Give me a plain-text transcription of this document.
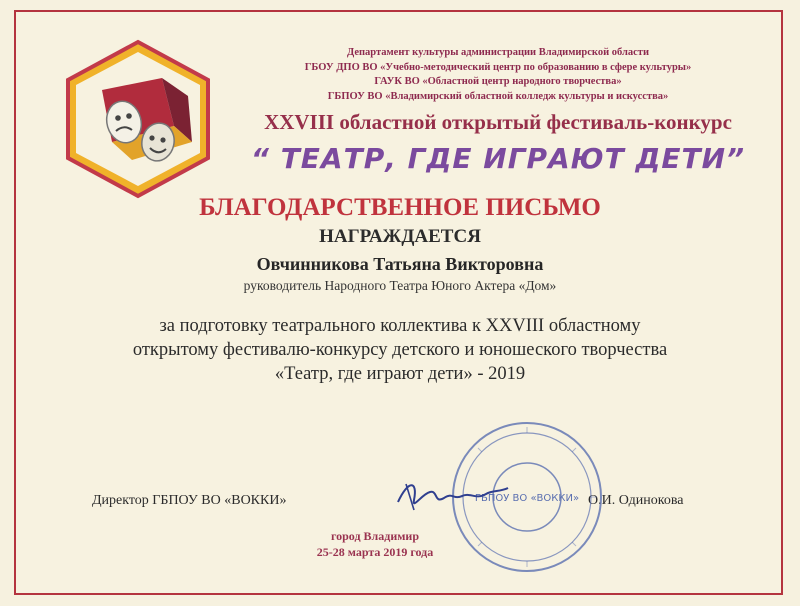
Департамент культуры администрации Владимирской области
ГБОУ ДПО ВО «Учебно-методический центр по образованию в сфере культуры»
ГАУК ВО «Областной центр народного творчества»
ГБПОУ ВО «Владимирский областной колледж культуры и искусства»
XXVIII областной открытый фестиваль-конкурс
“ ТЕАТР, ГДЕ ИГРАЮТ ДЕТИ”
БЛАГОДАРСТВЕННОЕ ПИСЬМО
НАГРАЖДАЕТСЯ
Овчинникова Татьяна Викторовна
руководитель Народного Театра Юного Актера «Дом»
за подготовку театрального коллектива к XXVIII областному
открытому фестивалю-конкурсу детского и юношеского творчества
«Театр, где играют дети» - 2019
Директор ГБПОУ ВО «ВОККИ»	О.И. Одинокова
ГБПОУ ВО «ВОККИ»
город Владимир
25-28 марта 2019 года
